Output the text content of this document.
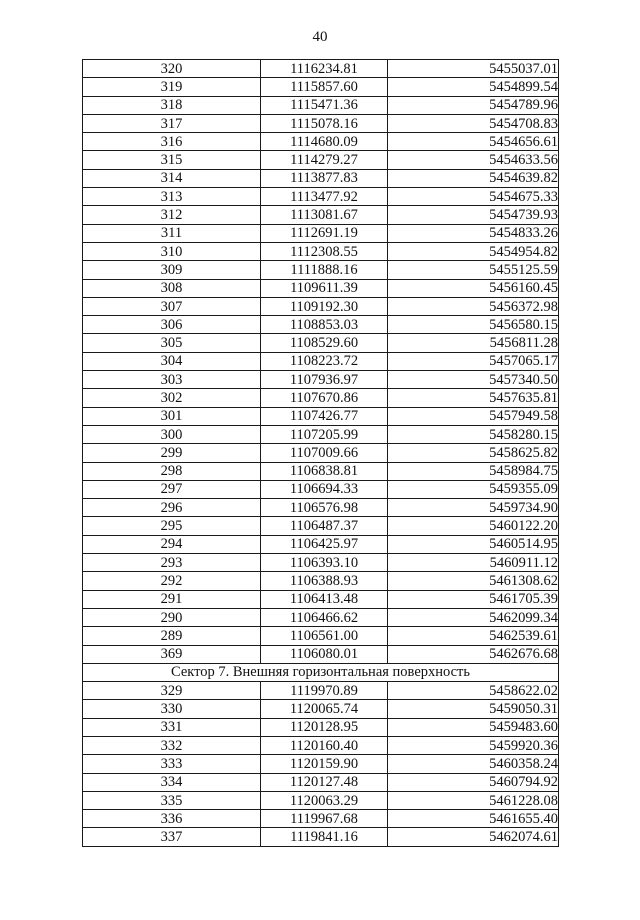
40
320	1116234.81	5455037.01
319	1115857.60	5454899.54
318	1115471.36	5454789.96
317	1115078.16	5454708.83
316	1114680.09	5454656.61
315	1114279.27	5454633.56
314	1113877.83	5454639.82
313	1113477.92	5454675.33
312	1113081.67	5454739.93
311	1112691.19	5454833.26
310	1112308.55	5454954.82
309	1111888.16	5455125.59
308	1109611.39	5456160.45
307	1109192.30	5456372.98
306	1108853.03	5456580.15
305	1108529.60	5456811.28
304	1108223.72	5457065.17
303	1107936.97	5457340.50
302	1107670.86	5457635.81
301	1107426.77	5457949.58
300	1107205.99	5458280.15
299	1107009.66	5458625.82
298	1106838.81	5458984.75
297	1106694.33	5459355.09
296	1106576.98	5459734.90
295	1106487.37	5460122.20
294	1106425.97	5460514.95
293	1106393.10	5460911.12
292	1106388.93	5461308.62
291	1106413.48	5461705.39
290	1106466.62	5462099.34
289	1106561.00	5462539.61
369	1106080.01	5462676.68
Сектор 7. Внешняя горизонтальная поверхность		
329	1119970.89	5458622.02
330	1120065.74	5459050.31
331	1120128.95	5459483.60
332	1120160.40	5459920.36
333	1120159.90	5460358.24
334	1120127.48	5460794.92
335	1120063.29	5461228.08
336	1119967.68	5461655.40
337	1119841.16	5462074.61
